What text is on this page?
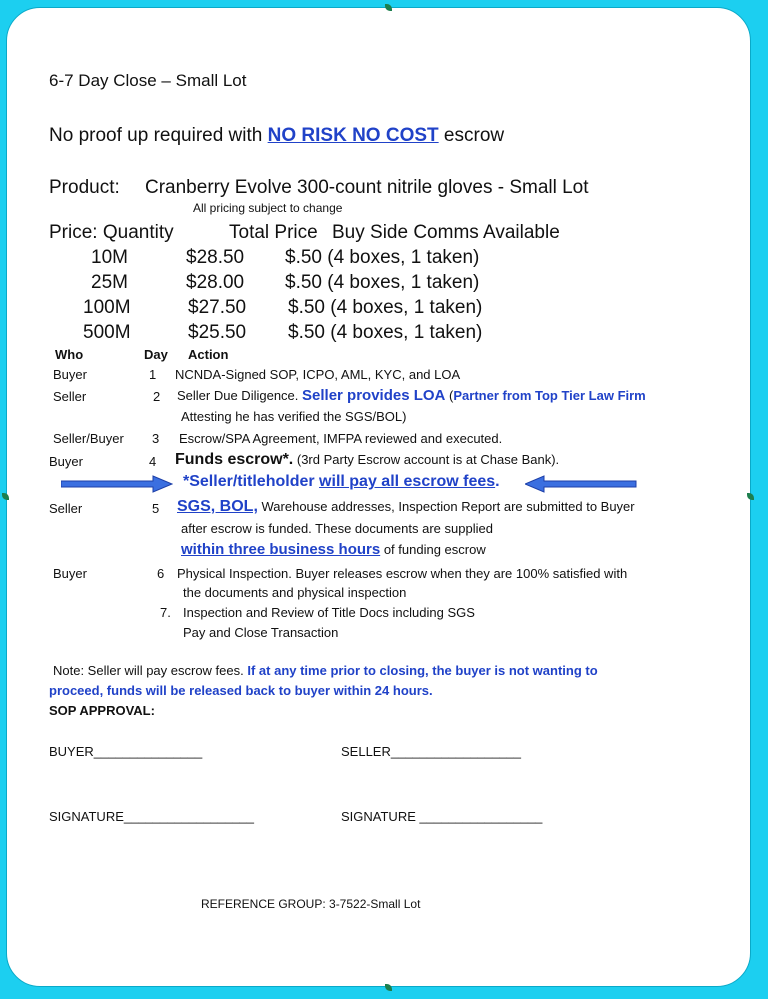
6-7 Day Close – Small Lot
No proof up required with NO RISK NO COST escrow
Product: Cranberry Evolve 300-count nitrile gloves - Small Lot
All pricing subject to change
Price: Quantity	Total Price Buy Side Comms Available
10M	$28.50 $.50 (4 boxes, 1 taken)
25M	$28.00 $.50 (4 boxes, 1 taken)
100M	$27.50 $.50 (4 boxes, 1 taken)
500M	$25.50 $.50 (4 boxes, 1 taken)
Who	Day Action
Buyer	1 NCNDA-Signed SOP, ICPO, AML, KYC, and LOA
Seller	2 Seller Due Diligence. Seller provides LOA (Partner from Top Tier Law Firm
Attesting he has verified the SGS/BOL)
Seller/Buyer 3 Escrow/SPA Agreement, IMFPA reviewed and executed.
Buyer	4 Funds escrow*. (3rd Party Escrow account is at Chase Bank).
*Seller/titleholder will pay all escrow fees.
Seller	5 SGS, BOL, Warehouse addresses, Inspection Report are submitted to Buyer
after escrow is funded. These documents are supplied
within three business hours of funding escrow
Buyer	6 Physical Inspection. Buyer releases escrow when they are 100% satisfied with
the documents and physical inspection
7. Inspection and Review of Title Docs including SGS
Pay and Close Transaction
Note: Seller will pay escrow fees. If at any time prior to closing, the buyer is not wanting to
proceed, funds will be released back to buyer within 24 hours.
SOP APPROVAL:
BUYER_______________	SELLER__________________
SIGNATURE__________________	SIGNATURE _________________
REFERENCE GROUP: 3-7522-Small Lot
